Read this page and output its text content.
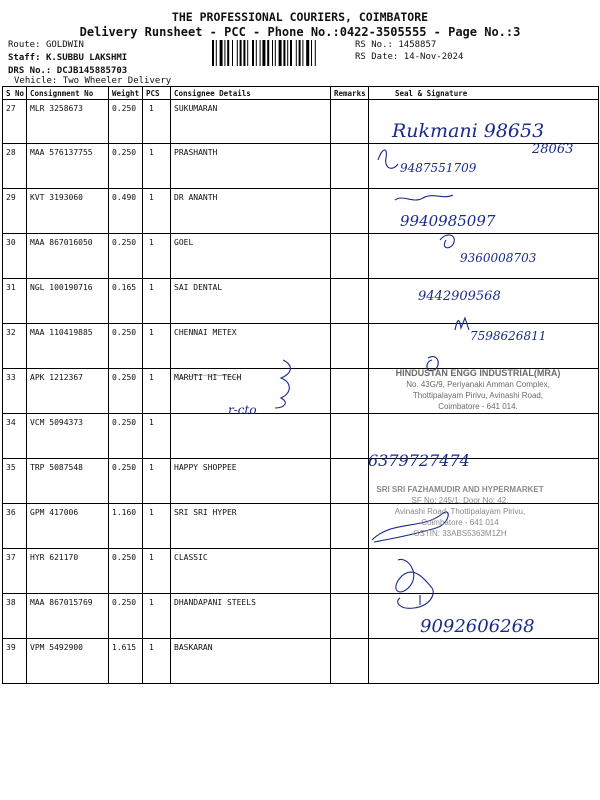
THE PROFESSIONAL COURIERS, COIMBATORE
Delivery Runsheet - PCC - Phone No.:0422-3505555 - Page No.:3
Route: GOLDWIN
Staff: K.SUBBU LAKSHMI
DRS No.: DCJB145885703
Vehicle: Two Wheeler Delivery
RS No.: 1458857
RS Date: 14-Nov-2024
S No	Consignment No	Weight	PCS	Consignee Details	Remarks	Seal & Signature
27	MLR 3258673	0.250	1	SUKUMARAN		
28	MAA 576137755	0.250	1	PRASHANTH		
29	KVT 3193060	0.490	1	DR ANANTH		
30	MAA 867016050	0.250	1	GOEL		
31	NGL 100190716	0.165	1	SAI DENTAL		
32	MAA 110419885	0.250	1	CHENNAI METEX		
33	APK 1212367	0.250	1	MARUTI HI TECH		
34	VCM 5094373	0.250	1			
35	TRP 5087548	0.250	1	HAPPY SHOPPEE		
36	GPM 417006	1.160	1	SRI SRI HYPER		
37	HYR 621170	0.250	1	CLASSIC		
38	MAA 867015769	0.250	1	DHANDAPANI STEELS		
39	VPM 5492900	1.615	1	BASKARAN		
Rukmani 98653
28063
9487551709
9940985097
9360008703
9442909568
7598626811
r-cto
6379727474
9092606268
HINDUSTAN ENGG INDUSTRIAL(MRA)
No. 43G/9, Periyanaki Amman Complex,
Thottipalayam Pirivu, Avinashi Road,
Coimbatore - 641 014.
SRI SRI FAZHAMUDIR AND HYPERMARKET
SF No: 245/1, Door No: 42,
Avinashi Road, Thottipalayam Pirivu,
Coimbatore - 641 014
GSTIN: 33ABS5363M1ZH
